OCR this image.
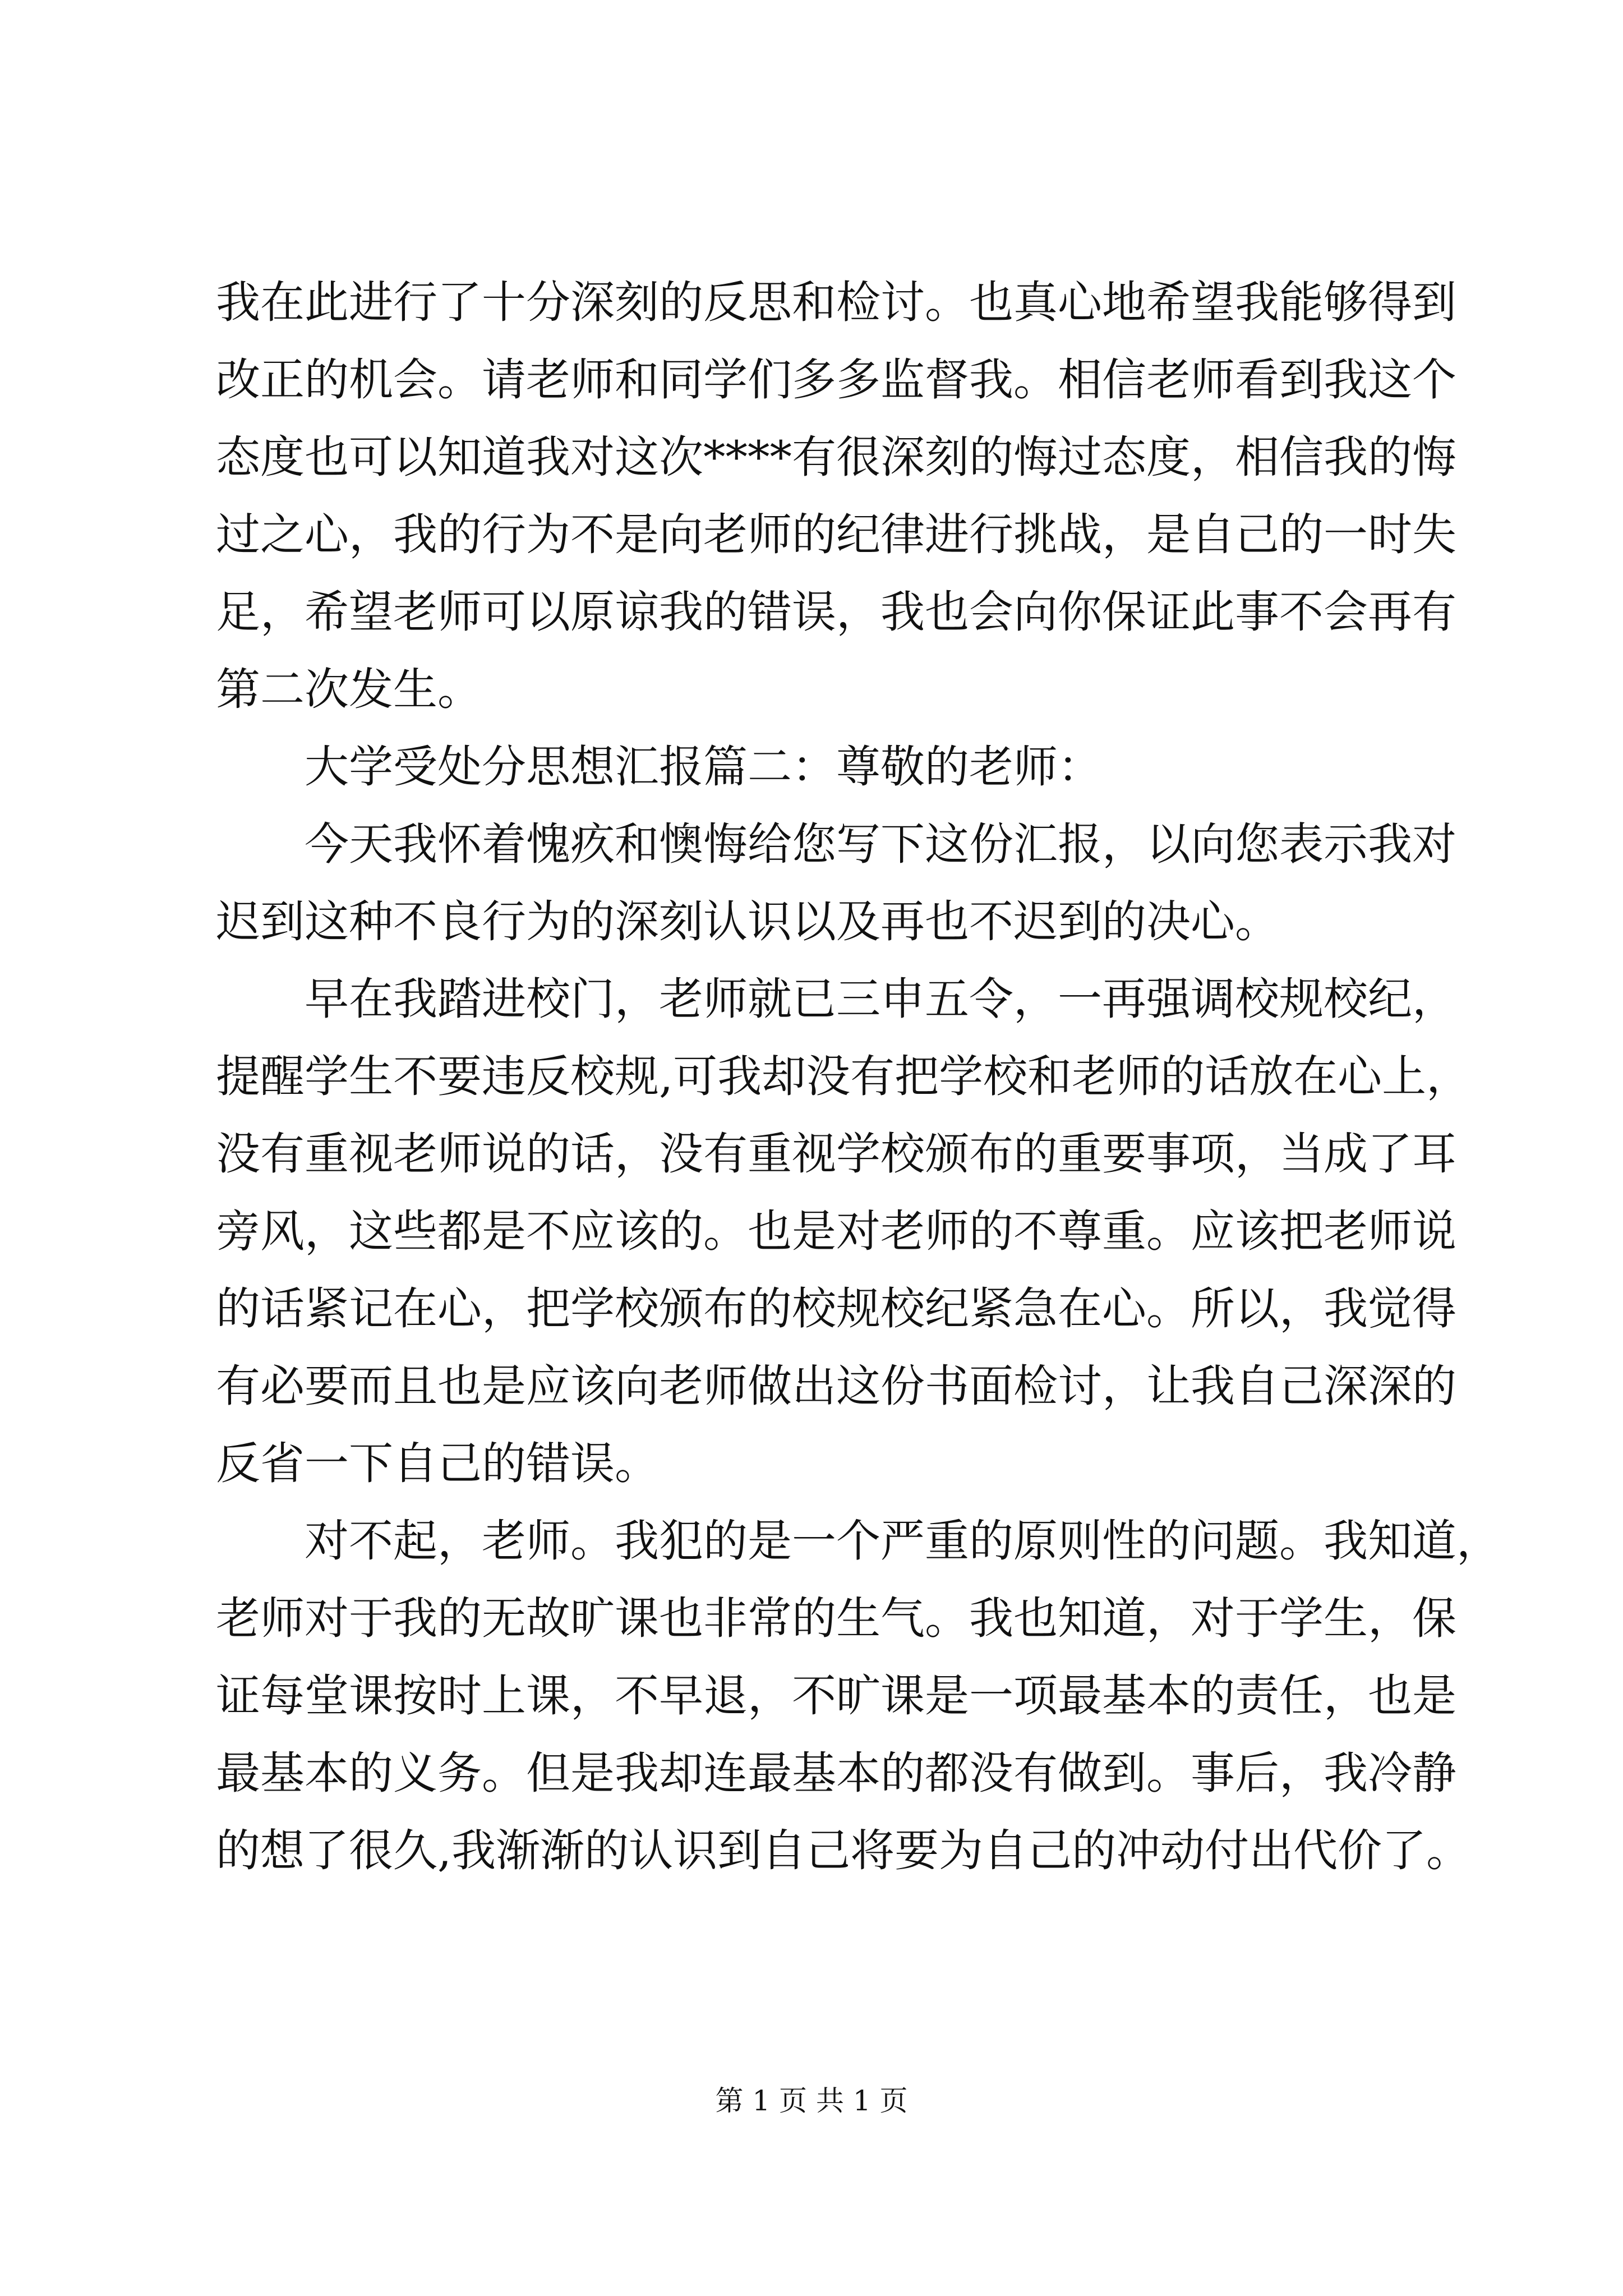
我在此进行了十分深刻的反思和检讨。也真心地希望我能够得到
改正的机会。请老师和同学们多多监督我。相信老师看到我这个
态度也可以知道我对这次****有很深刻的悔过态度，相信我的悔
过之心，我的行为不是向老师的纪律进行挑战，是自己的一时失
足，希望老师可以原谅我的错误，我也会向你保证此事不会再有
第二次发生。
大学受处分思想汇报篇二：尊敬的老师：
今天我怀着愧疚和懊悔给您写下这份汇报，以向您表示我对
迟到这种不良行为的深刻认识以及再也不迟到的决心。
早在我踏进校门，老师就已三申五令，一再强调校规校纪，
提醒学生不要违反校规,可我却没有把学校和老师的话放在心上，
没有重视老师说的话，没有重视学校颁布的重要事项，当成了耳
旁风，这些都是不应该的。也是对老师的不尊重。应该把老师说
的话紧记在心，把学校颁布的校规校纪紧急在心。所以，我觉得
有必要而且也是应该向老师做出这份书面检讨，让我自己深深的
反省一下自己的错误。
对不起，老师。我犯的是一个严重的原则性的问题。我知道，
老师对于我的无故旷课也非常的生气。我也知道，对于学生，保
证每堂课按时上课，不早退，不旷课是一项最基本的责任，也是
最基本的义务。但是我却连最基本的都没有做到。事后，我冷静
的想了很久,我渐渐的认识到自己将要为自己的冲动付出代价了。
第 1 页 共 1 页
